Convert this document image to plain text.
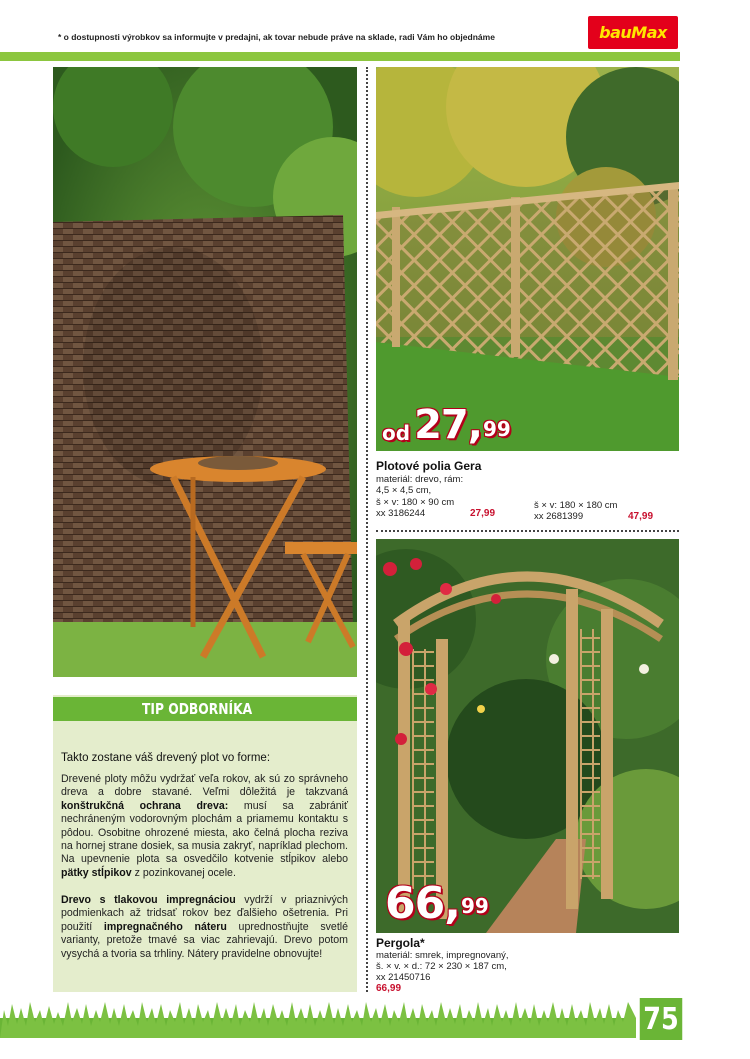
* o dostupnosti výrobkov sa informujte v predajni, ak tovar nebude práve na sklade, radi Vám ho objednáme	bauMax
od 27 , 99
Plotové polia Gera
materiál: drevo, rám:
4,5 × 4,5 cm,
š × v: 180 × 90 cm
xx 3186244	27,99
š × v: 180 × 180 cm
xx 2681399	47,99
66 , 99
Pergola*
materiál: smrek, impregnovaný,
š. × v. × d.: 72 × 230 × 187 cm,
xx 21450716
66,99
TIP ODBORNÍKA
Takto zostane váš drevený plot vo forme:
Drevené ploty môžu vydržať veľa rokov, ak sú zo správneho dreva a dobre stavané. Veľmi dôležitá je takzvaná konštrukčná ochrana dreva: musí sa zabrániť nechráneným vodorovným plochám a priamemu kontaktu s pôdou. Osobitne ohrozené miesta, ako čelná plocha reziva na hornej strane dosiek, sa musia zakryť, napríklad plechom. Na upevnenie plota sa osvedčilo kotvenie stĺpikov alebo pätky stĺpikov z pozinkovanej ocele.
Drevo s tlakovou impregnáciou vydrží v priaznivých podmienkach až tridsať rokov bez ďalšieho ošetrenia. Pri použití impregnačného náteru uprednostňujte svetlé varianty, pretože tmavé sa viac zahrievajú. Drevo potom vysychá a tvoria sa trhliny. Nátery pravidelne obnovujte!
75
